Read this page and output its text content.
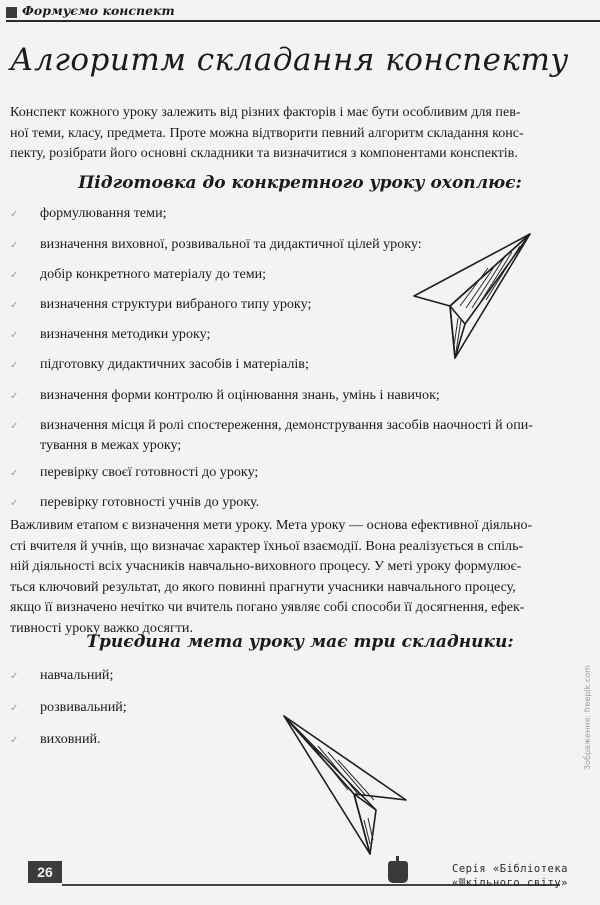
Формуємо конспект
Алгоритм складання конспекту
Конспект кожного уроку залежить від різних факторів і має бути особливим для пев-
ної теми, класу, предмета. Проте можна відтворити певний алгоритм складання конс-
пекту, розібрати його основні складники та визначитися з компонентами конспектів.
Підготовка до конкретного уроку охоплює:
✓ формулювання теми;
✓ визначення виховної, розвивальної та дидактичної цілей уроку:
✓ добір конкретного матеріалу до теми;
✓ визначення структури вибраного типу уроку;
✓ визначення методики уроку;
✓ підготовку дидактичних засобів і матеріалів;
✓ визначення форми контролю й оцінювання знань, умінь і навичок;
✓ визначення місця й ролі спостереження, демонстрування засобів наочності й опи-
тування в межах уроку;
✓ перевірку своєї готовності до уроку;
✓ перевірку готовності учнів до уроку.
Важливим етапом є визначення мети уроку. Мета уроку — основа ефективної діяльно-
сті вчителя й учнів, що визначає характер їхньої взаємодії. Вона реалізується в спіль-
ній діяльності всіх учасників навчально-виховного процесу. У меті уроку формулює-
ться ключовий результат, до якого повинні прагнути учасники навчального процесу,
якщо її визначено нечітко чи вчитель погано уявляє собі способи її досягнення, ефек-
тивності уроку важко досягти.
Триєдина мета уроку має три складники:
✓ навчальний;
✓ розвивальний;
✓ виховний.	Зображення: freepik.com
26	Серія «Бібліотека
«Шкільного світу»
